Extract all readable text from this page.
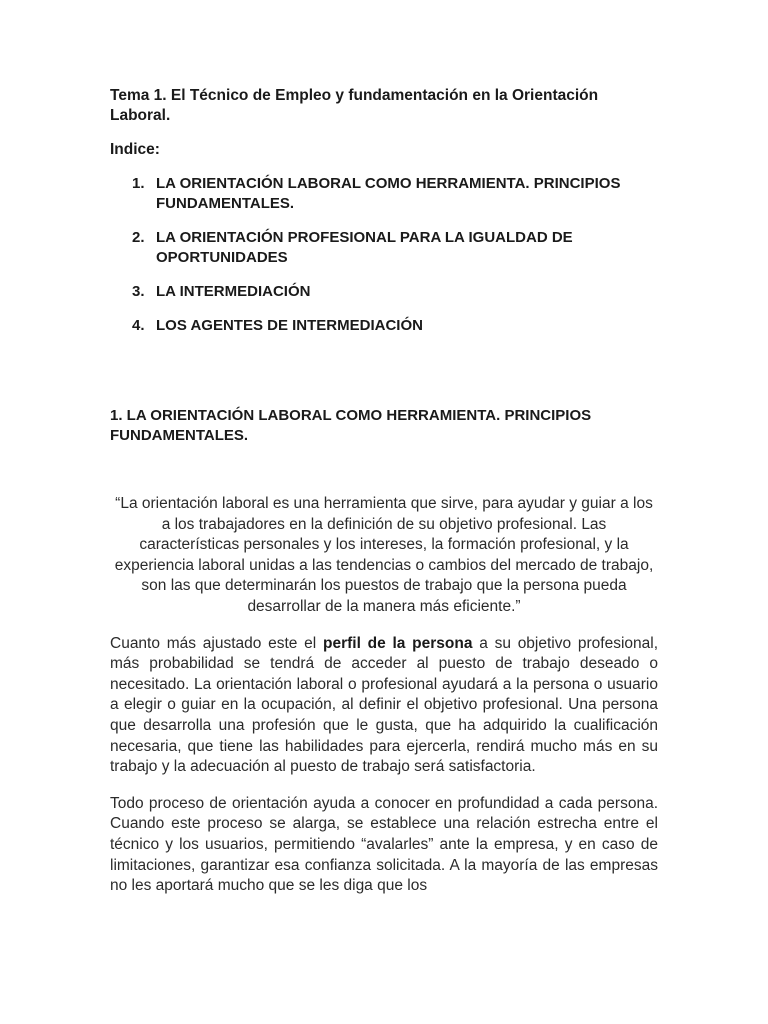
Tema 1. El Técnico de Empleo y fundamentación en la Orientación Laboral.

Indice:

1. LA ORIENTACIÓN LABORAL COMO HERRAMIENTA. PRINCIPIOS FUNDAMENTALES.
2. LA ORIENTACIÓN PROFESIONAL PARA LA IGUALDAD DE OPORTUNIDADES
3. LA INTERMEDIACIÓN
4. LOS AGENTES DE INTERMEDIACIÓN

1. LA ORIENTACIÓN LABORAL COMO HERRAMIENTA. PRINCIPIOS FUNDAMENTALES.

“La orientación laboral es una herramienta que sirve, para ayudar y guiar a los a los trabajadores en la definición de su objetivo profesional. Las características personales y los intereses, la formación profesional, y la experiencia laboral unidas a las tendencias o cambios del mercado de trabajo, son las que determinarán los puestos de trabajo que la persona pueda desarrollar de la manera más eficiente.”

Cuanto más ajustado este el perfil de la persona a su objetivo profesional, más probabilidad se tendrá de acceder al puesto de trabajo deseado o necesitado. La orientación laboral o profesional ayudará a la persona o usuario a elegir o guiar en la ocupación, al definir el objetivo profesional. Una persona que desarrolla una profesión que le gusta, que ha adquirido la cualificación necesaria, que tiene las habilidades para ejercerla, rendirá mucho más en su trabajo y la adecuación al puesto de trabajo será satisfactoria.

Todo proceso de orientación ayuda a conocer en profundidad a cada persona. Cuando este proceso se alarga, se establece una relación estrecha entre el técnico y los usuarios, permitiendo “avalarles” ante la empresa, y en caso de limitaciones, garantizar esa confianza solicitada. A la mayoría de las empresas no les aportará mucho que se les diga que los
